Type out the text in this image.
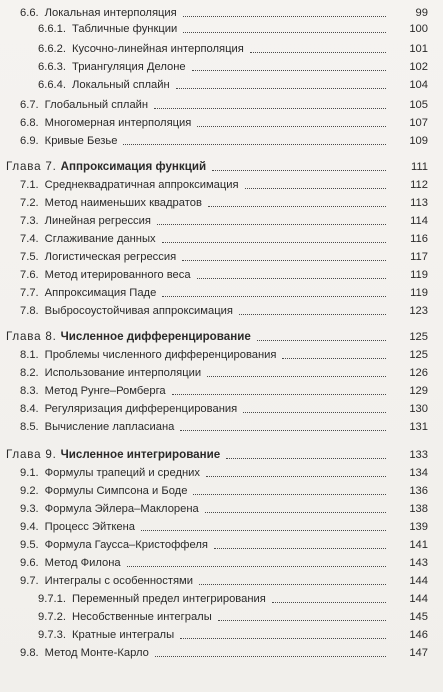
6.6. Локальная интерполяция	99
6.6.1. Табличные функции	100
6.6.2. Кусочно-линейная интерполяция	101
6.6.3. Триангуляция Делоне	102
6.6.4. Локальный сплайн	104
6.7. Глобальный сплайн	105
6.8. Многомерная интерполяция	107
6.9. Кривые Безье	109
Глава 7. Аппроксимация функций	111
7.1. Среднеквадратичная аппроксимация	112
7.2. Метод наименьших квадратов	113
7.3. Линейная регрессия	114
7.4. Сглаживание данных	116
7.5. Логистическая регрессия	117
7.6. Метод итерированного веса	119
7.7. Аппроксимация Паде	119
7.8. Выбросоустойчивая аппроксимация	123
Глава 8. Численное дифференцирование	125
8.1. Проблемы численного дифференцирования	125
8.2. Использование интерполяции	126
8.3. Метод Рунге–Ромберга	129
8.4. Регуляризация дифференцирования	130
8.5. Вычисление лапласиана	131
Глава 9. Численное интегрирование	133
9.1. Формулы трапеций и средних	134
9.2. Формулы Симпсона и Боде	136
9.3. Формула Эйлера–Маклорена	138
9.4. Процесс Эйткена	139
9.5. Формула Гаусса–Кристоффеля	141
9.6. Метод Филона	143
9.7. Интегралы с особенностями	144
9.7.1. Переменный предел интегрирования	144
9.7.2. Несобственные интегралы	145
9.7.3. Кратные интегралы	146
9.8. Метод Монте-Карло	147
